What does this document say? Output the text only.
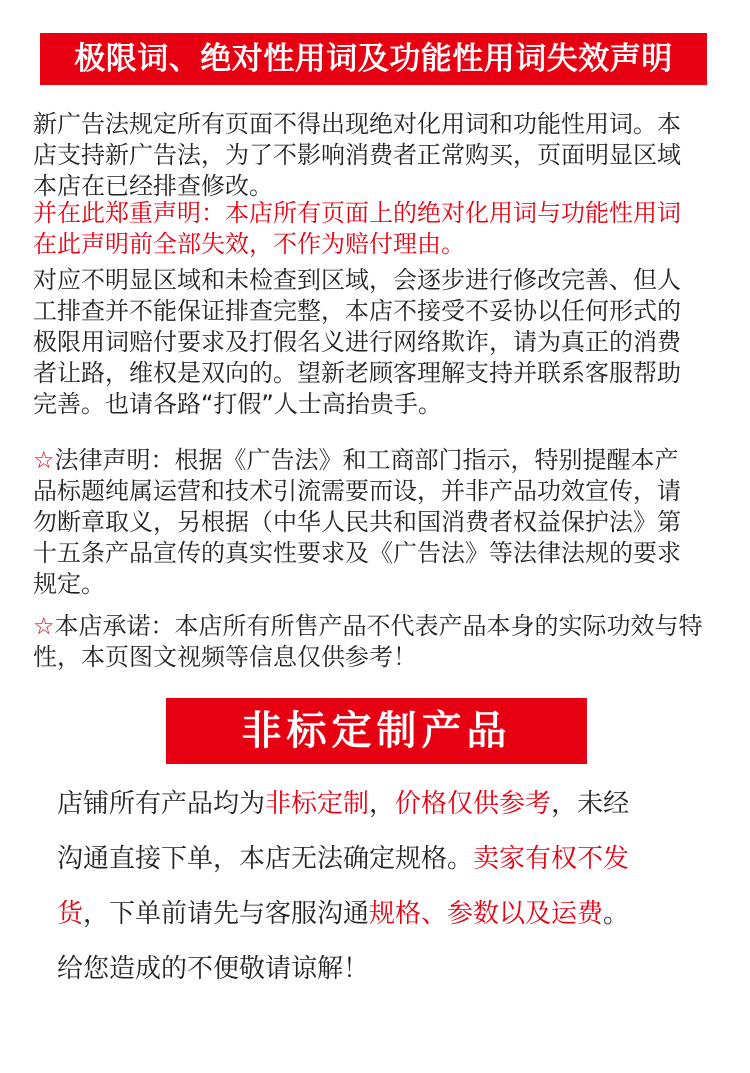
极限词、绝对性用词及功能性用词失效声明
新广告法规定所有页面不得出现绝对化用词和功能性用词。本
店支持新广告法，为了不影响消费者正常购买，页面明显区域
本店在已经排查修改。
并在此郑重声明：本店所有页面上的绝对化用词与功能性用词
在此声明前全部失效，不作为赔付理由。
对应不明显区域和未检查到区域，会逐步进行修改完善、但人
工排查并不能保证排查完整，本店不接受不妥协以任何形式的
极限用词赔付要求及打假名义进行网络欺诈，请为真正的消费
者让路，维权是双向的。望新老顾客理解支持并联系客服帮助
完善。也请各路“打假”人士高抬贵手。
☆法律声明：根据《广告法》和工商部门指示，特别提醒本产
品标题纯属运营和技术引流需要而设，并非产品功效宣传，请
勿断章取义，另根据（中华人民共和国消费者权益保护法》第
十五条产品宣传的真实性要求及《广告法》等法律法规的要求
规定。
☆本店承诺：本店所有所售产品不代表产品本身的实际功效与特
性，本页图文视频等信息仅供参考！
非标定制产品
店铺所有产品均为非标定制，价格仅供参考，未经
沟通直接下单，本店无法确定规格。卖家有权不发
货，下单前请先与客服沟通规格、参数以及运费。
给您造成的不便敬请谅解！
